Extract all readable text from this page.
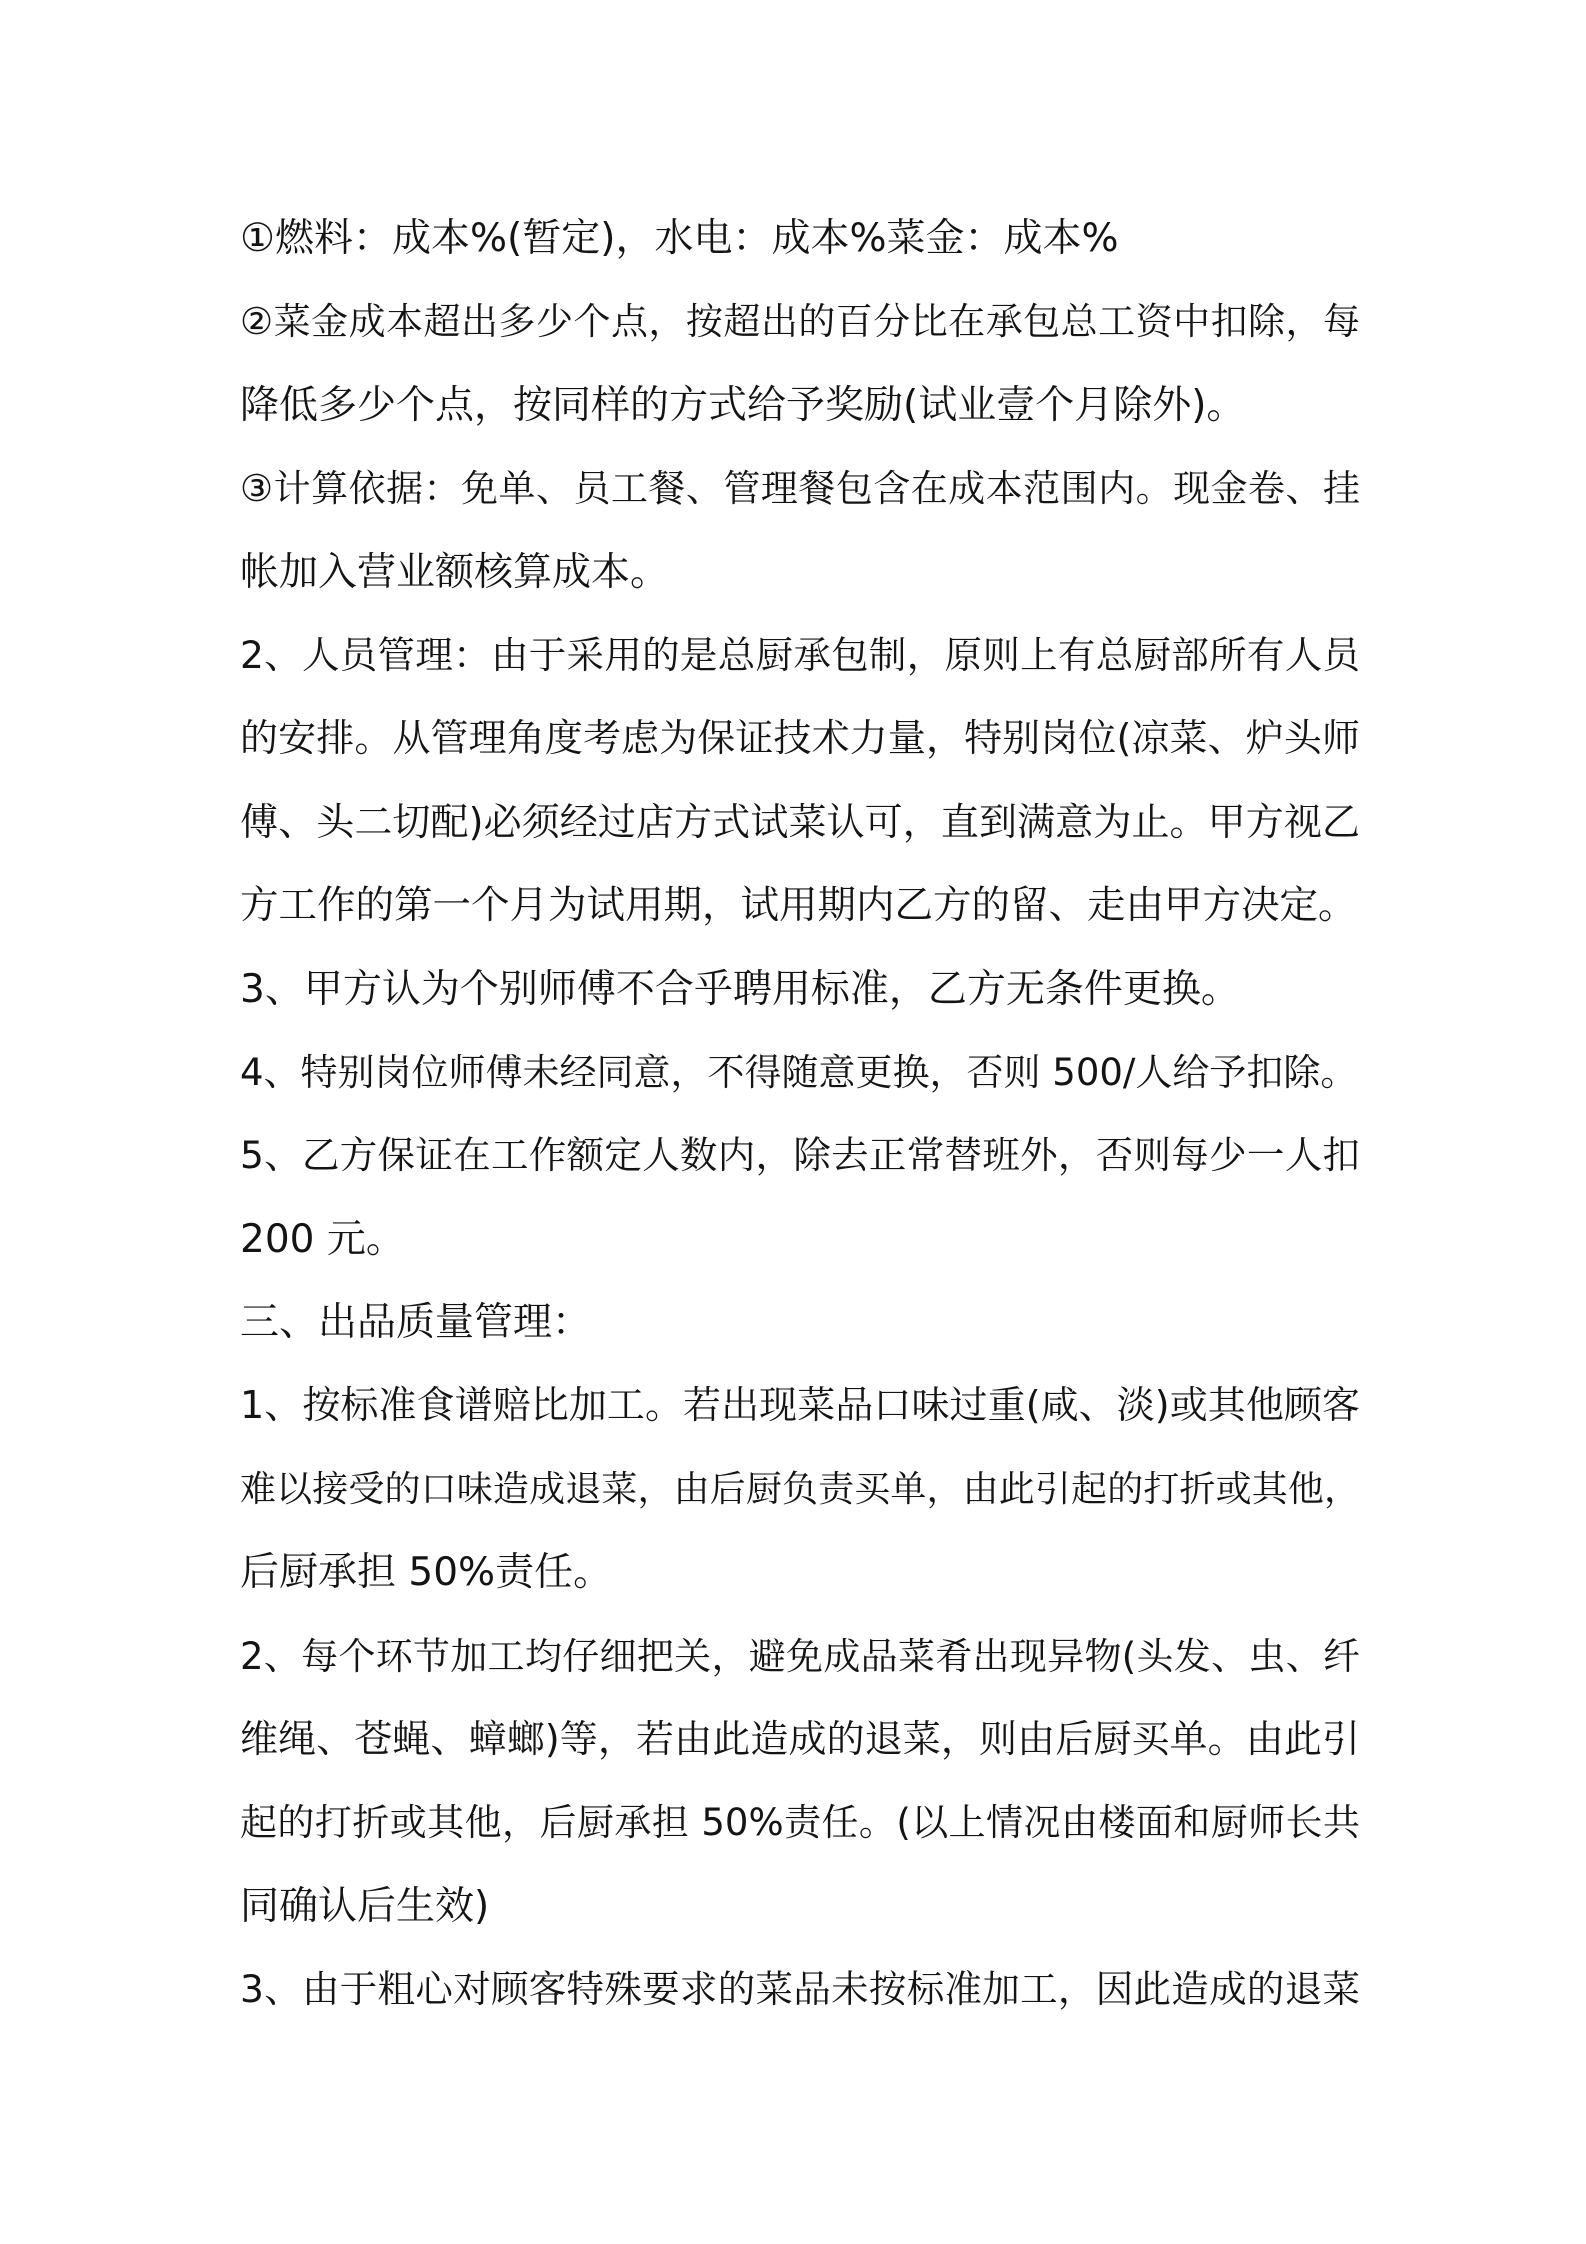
①燃料：成本%(暂定)，水电：成本%菜金：成本%
②菜金成本超出多少个点，按超出的百分比在承包总工资中扣除，每
降低多少个点，按同样的方式给予奖励(试业壹个月除外)。
③计算依据：免单、员工餐、管理餐包含在成本范围内。现金卷、挂
帐加入营业额核算成本。
2、人员管理：由于采用的是总厨承包制，原则上有总厨部所有人员
的安排。从管理角度考虑为保证技术力量，特别岗位(凉菜、炉头师
傅、头二切配)必须经过店方式试菜认可，直到满意为止。甲方视乙
方工作的第一个月为试用期，试用期内乙方的留、走由甲方决定。
3、甲方认为个别师傅不合乎聘用标准，乙方无条件更换。
4、特别岗位师傅未经同意，不得随意更换，否则 500/人给予扣除。
5、乙方保证在工作额定人数内，除去正常替班外，否则每少一人扣
200 元。
三、出品质量管理：
1、按标准食谱赔比加工。若出现菜品口味过重(咸、淡)或其他顾客
难以接受的口味造成退菜，由后厨负责买单，由此引起的打折或其他，
后厨承担 50%责任。
2、每个环节加工均仔细把关，避免成品菜肴出现异物(头发、虫、纤
维绳、苍蝇、蟑螂)等，若由此造成的退菜，则由后厨买单。由此引
起的打折或其他，后厨承担 50%责任。(以上情况由楼面和厨师长共
同确认后生效)
3、由于粗心对顾客特殊要求的菜品未按标准加工，因此造成的退菜
